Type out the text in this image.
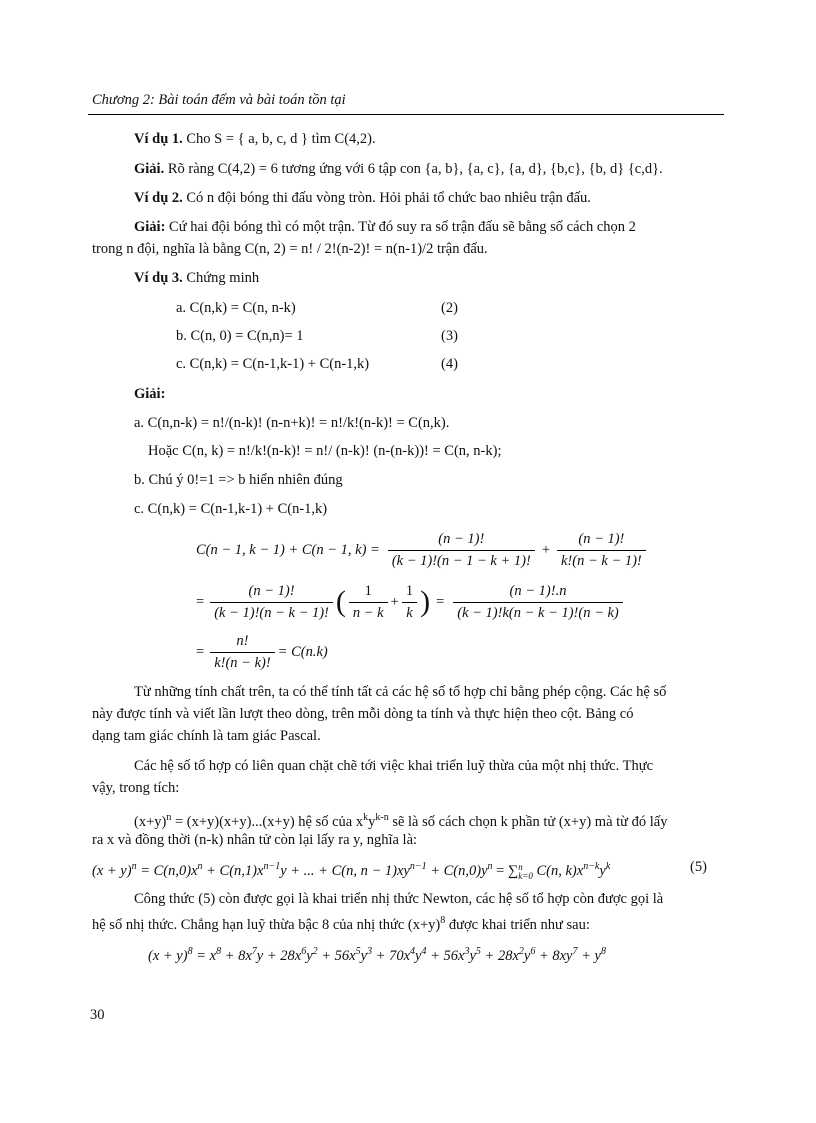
Chương 2: Bài toán đếm và bài toán tồn tại
Ví dụ 1. Cho S = { a, b, c, d } tìm C(4,2).
Giải. Rõ ràng C(4,2) = 6 tương ứng với 6 tập con {a, b}, {a, c}, {a, d}, {b,c}, {b, d} {c,d}.
Ví dụ 2. Có n đội bóng thi đấu vòng tròn. Hỏi phải tổ chức bao nhiêu trận đấu.
Giải: Cứ hai đội bóng thì có một trận. Từ đó suy ra số trận đấu sẽ bằng số cách chọn 2
trong n đội, nghĩa là bằng C(n, 2) = n! / 2!(n-2)! = n(n-1)/2 trận đấu.
Ví dụ 3. Chứng minh
a. C(n,k) = C(n, n-k)	(2)
b. C(n, 0) = C(n,n)= 1	(3)
c. C(n,k) = C(n-1,k-1) + C(n-1,k)	(4)
Giải:
a. C(n,n-k) = n!/(n-k)! (n-n+k)! = n!/k!(n-k)! = C(n,k).
Hoặc C(n, k) = n!/k!(n-k)! = n!/ (n-k)! (n-(n-k))! = C(n, n-k);
b. Chú ý 0!=1 => b hiển nhiên đúng
c. C(n,k) = C(n-1,k-1) + C(n-1,k)
C(n − 1, k − 1) + C(n − 1, $k) = \frac{(n - 1)!}{(k - 1)!(n - 1 - k + 1)!} + \frac{(n - 1)!}{k!(n - k - 1)!}$
= $\frac{(n - 1)!}{(k - 1)!(n - k - 1)!}$ ( $\frac{1}{n - k} + \frac{1}{k}$ ) = $\frac{(n - 1)!.n}{(k - 1)!k(n - k - 1)!(n - k)}$
= $\frac{n!}{k!(n - k)!} = C(n.k)$
Từ những tính chất trên, ta có thể tính tất cả các hệ số tổ hợp chỉ bằng phép cộng. Các hệ số
này được tính và viết lần lượt theo dòng, trên mỗi dòng ta tính và thực hiện theo cột. Bảng có
dạng tam giác chính là tam giác Pascal.
Các hệ số tổ hợp có liên quan chặt chẽ tới việc khai triển luỹ thừa của một nhị thức. Thực
vậy, trong tích:
$(x+y)^n = (x+y)(x+y)...(x+y)$ hệ số của $x^ky^{k-n}$ sẽ là số cách chọn k phần tử (x+y) mà từ đó lấy
ra x và đồng thời (n-k) nhân tử còn lại lấy ra y, nghĩa là:
$(x + y)^n = C(n,0)x^n + C(n,1)x^{n-1}y$ + ... + C(n, $n - 1)xy^{n-1} + C(n,0)y^n$ = ∑ n
k=0 C(n, $k)x^{n-k}y^k$	(5)
Công thức (5) còn được gọi là khai triển nhị thức Newton, các hệ số tổ hợp còn được gọi là
hệ số nhị thức. Chẳng hạn luỹ thừa bậc 8 của nhị thức $(x+y)^8$ được khai triển như sau:
$(x + y)^8 = x^8 + 8x^7y + 28x^6y^2 + 56x^5y^3 + 70x^4y^4 + 56x^3y^5 + 28x^2y^6 + 8xy^7 + y^8$
30
